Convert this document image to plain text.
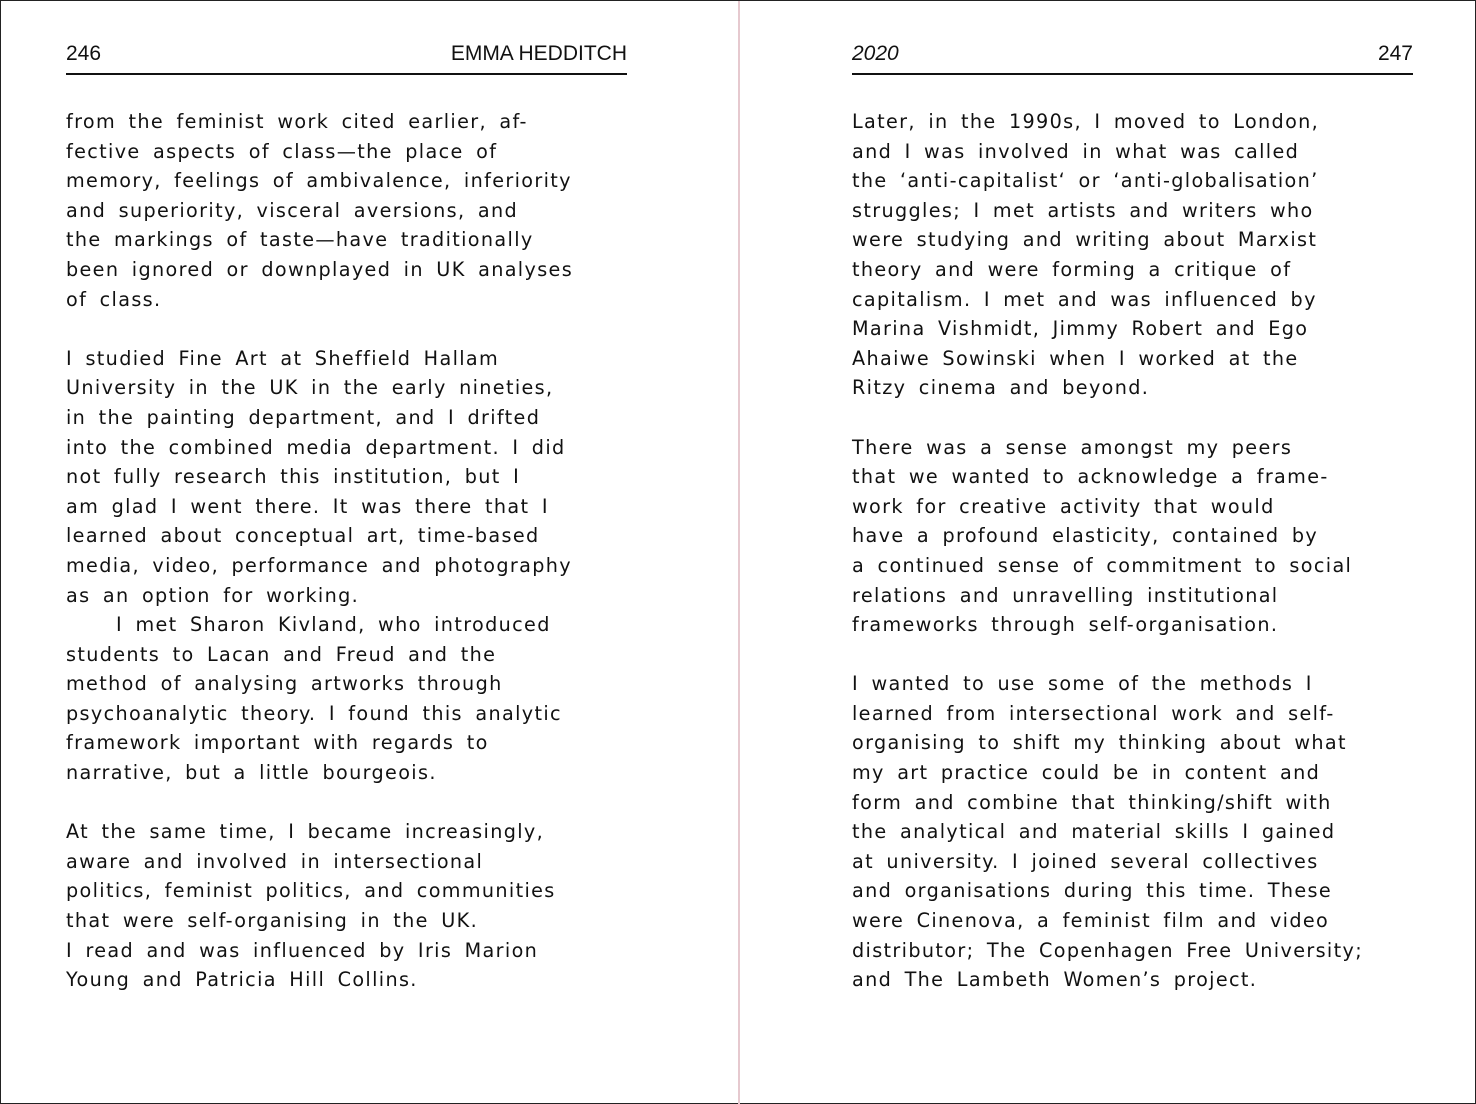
246	EMMA HEDDITCH
from the feminist work cited earlier, af-
fective aspects of class—the place of
memory, feelings of ambivalence, inferiority
and superiority, visceral aversions, and
the markings of taste—have traditionally
been ignored or downplayed in UK analyses
of class.
I studied Fine Art at Sheffield Hallam
University in the UK in the early nineties,
in the painting department, and I drifted
into the combined media department. I did
not fully research this institution, but I
am glad I went there. It was there that I
learned about conceptual art, time-based
media, video, performance and photography
as an option for working.
I met Sharon Kivland, who introduced
students to Lacan and Freud and the
method of analysing artworks through
psychoanalytic theory. I found this analytic
framework important with regards to
narrative, but a little bourgeois.
At the same time, I became increasingly,
aware and involved in intersectional
politics, feminist politics, and communities
that were self-organising in the UK.
I read and was influenced by Iris Marion
Young and Patricia Hill Collins.
2020	247
Later, in the 1990s, I moved to London,
and I was involved in what was called
the ‘anti-capitalist‘ or ‘anti-globalisation’
struggles; I met artists and writers who
were studying and writing about Marxist
theory and were forming a critique of
capitalism. I met and was influenced by
Marina Vishmidt, Jimmy Robert and Ego
Ahaiwe Sowinski when I worked at the
Ritzy cinema and beyond.
There was a sense amongst my peers
that we wanted to acknowledge a frame-
work for creative activity that would
have a profound elasticity, contained by
a continued sense of commitment to social
relations and unravelling institutional
frameworks through self-organisation.
I wanted to use some of the methods I
learned from intersectional work and self-
organising to shift my thinking about what
my art practice could be in content and
form and combine that thinking/shift with
the analytical and material skills I gained
at university. I joined several collectives
and organisations during this time. These
were Cinenova, a feminist film and video
distributor; The Copenhagen Free University;
and The Lambeth Women’s project.
